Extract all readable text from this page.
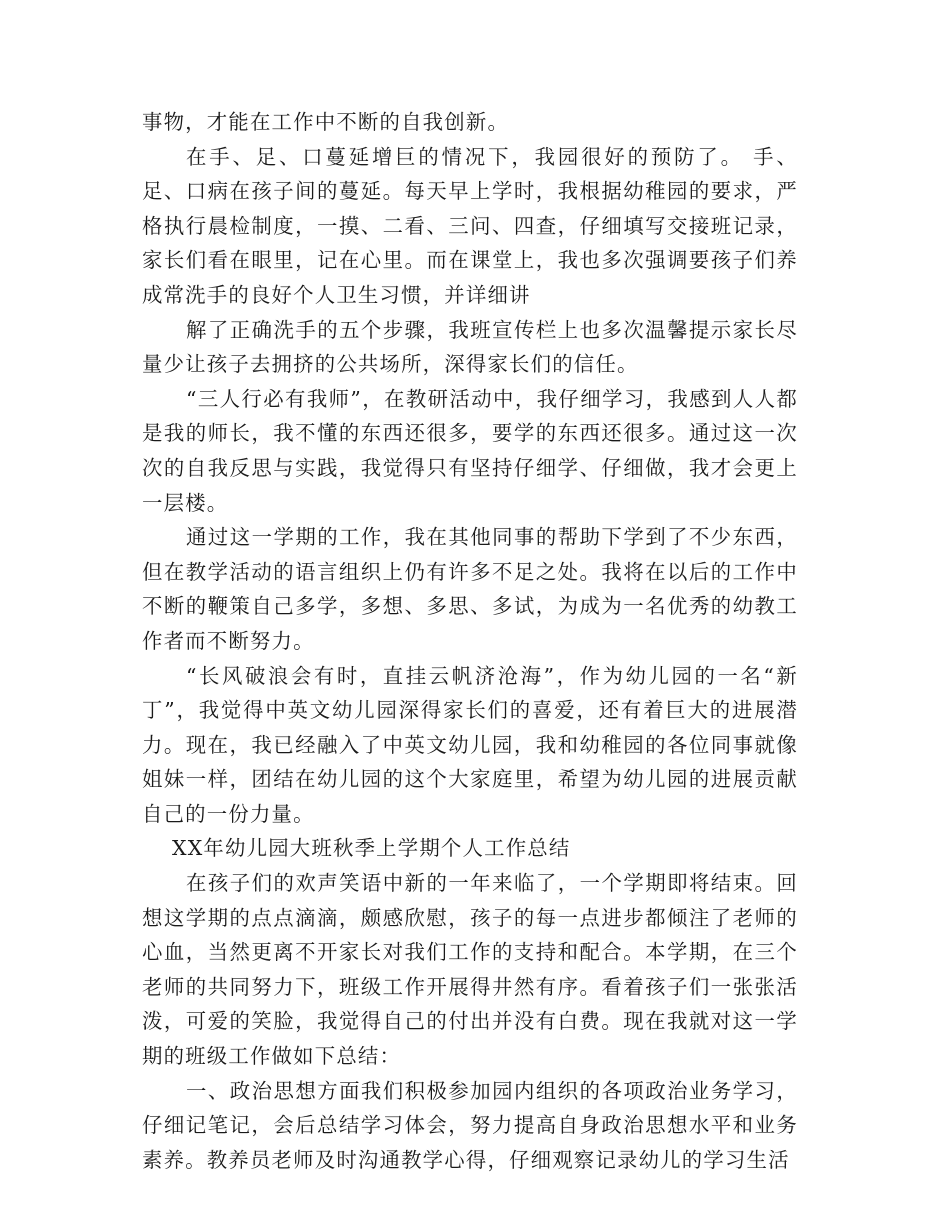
事物，才能在工作中不断的自我创新。

在手、足、口蔓延增巨的情况下，我园很好的预防了。 手、足、口病在孩子间的蔓延。每天早上学时，我根据幼稚园的要求，严格执行晨检制度，一摸、二看、三问、四查，仔细填写交接班记录，家长们看在眼里，记在心里。而在课堂上，我也多次强调要孩子们养成常洗手的良好个人卫生习惯，并详细讲

解了正确洗手的五个步骤，我班宣传栏上也多次温馨提示家长尽量少让孩子去拥挤的公共场所，深得家长们的信任。

“三人行必有我师”，在教研活动中，我仔细学习，我感到人人都是我的师长，我不懂的东西还很多，要学的东西还很多。通过这一次次的自我反思与实践，我觉得只有坚持仔细学、仔细做，我才会更上一层楼。

通过这一学期的工作，我在其他同事的帮助下学到了不少东西，但在教学活动的语言组织上仍有许多不足之处。我将在以后的工作中不断的鞭策自己多学，多想、多思、多试，为成为一名优秀的幼教工作者而不断努力。

“长风破浪会有时，直挂云帆济沧海”，作为幼儿园的一名“新丁”，我觉得中英文幼儿园深得家长们的喜爱，还有着巨大的进展潜力。现在，我已经融入了中英文幼儿园，我和幼稚园的各位同事就像姐妹一样，团结在幼儿园的这个大家庭里，希望为幼儿园的进展贡献自己的一份力量。

XX年幼儿园大班秋季上学期个人工作总结

在孩子们的欢声笑语中新的一年来临了，一个学期即将结束。回想这学期的点点滴滴，颇感欣慰，孩子的每一点进步都倾注了老师的心血，当然更离不开家长对我们工作的支持和配合。本学期，在三个老师的共同努力下，班级工作开展得井然有序。看着孩子们一张张活泼，可爱的笑脸，我觉得自己的付出并没有白费。现在我就对这一学期的班级工作做如下总结：

一、政治思想方面我们积极参加园内组织的各项政治业务学习，仔细记笔记，会后总结学习体会，努力提高自身政治思想水平和业务素养。教养员老师及时沟通教学心得，仔细观察记录幼儿的学习生活
